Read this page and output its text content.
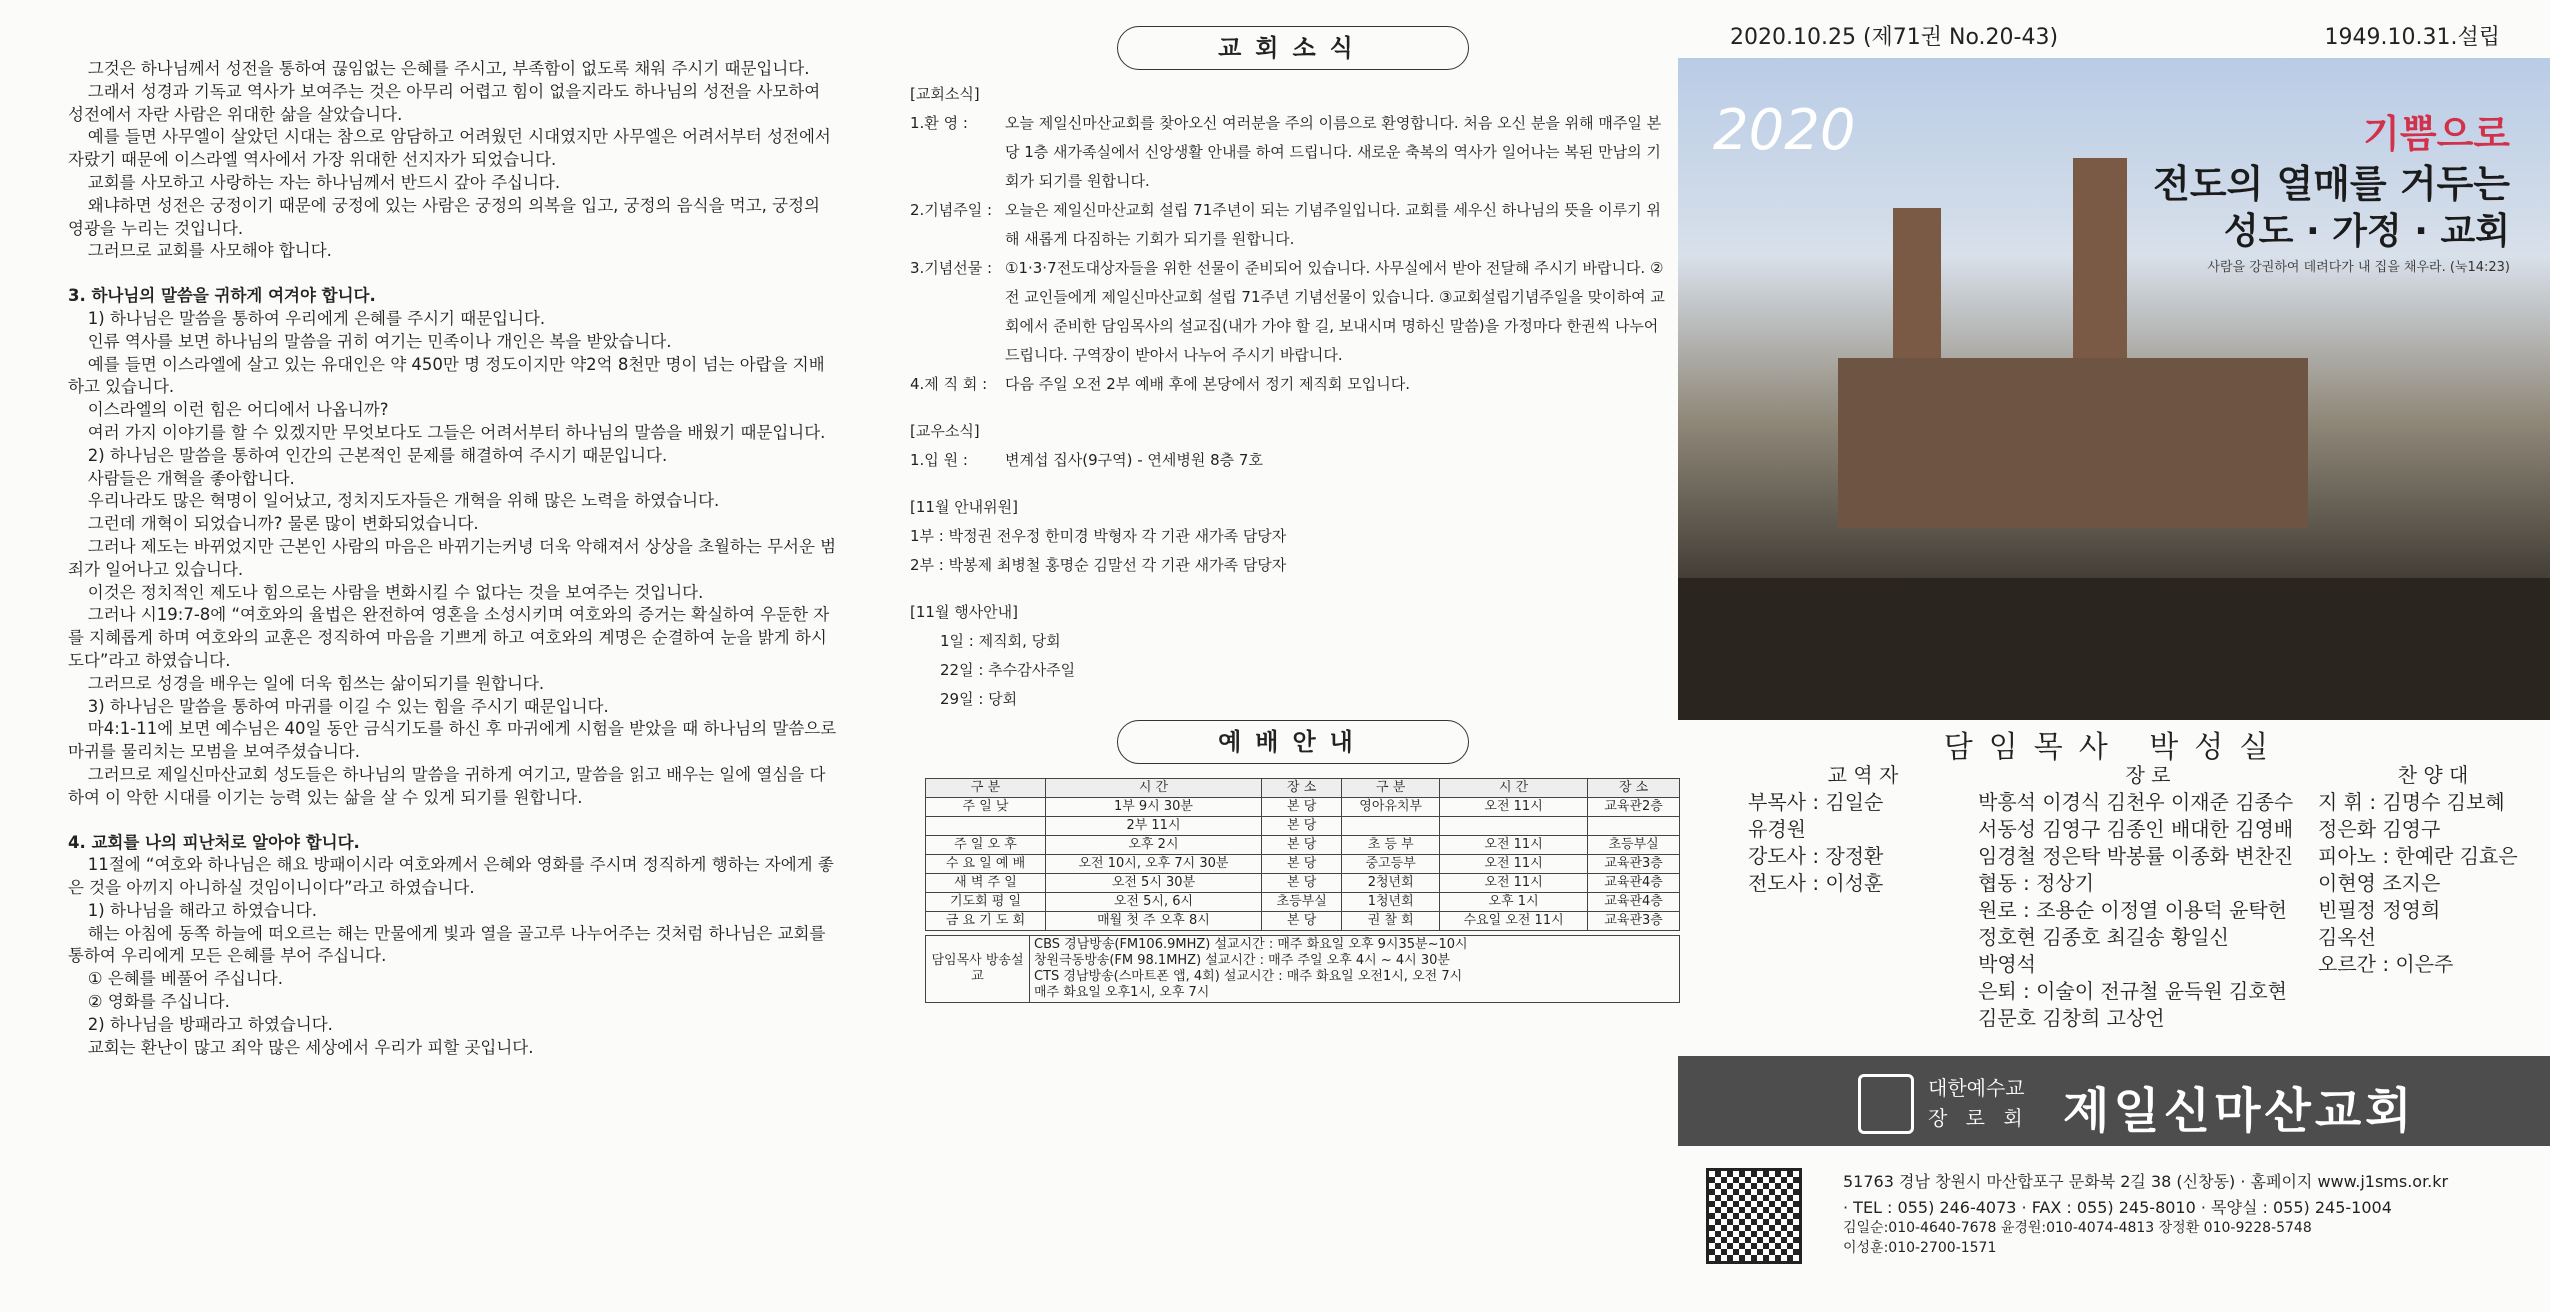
그것은 하나님께서 성전을 통하여 끊임없는 은혜를 주시고, 부족함이 없도록 채워 주시기 때문입니다.

그래서 성경과 기독교 역사가 보여주는 것은 아무리 어렵고 힘이 없을지라도 하나님의 성전을 사모하여 성전에서 자란 사람은 위대한 삶을 살았습니다.

예를 들면 사무엘이 살았던 시대는 참으로 암담하고 어려웠던 시대였지만 사무엘은 어려서부터 성전에서 자랐기 때문에 이스라엘 역사에서 가장 위대한 선지자가 되었습니다.

교회를 사모하고 사랑하는 자는 하나님께서 반드시 갚아 주십니다.

왜냐하면 성전은 궁정이기 때문에 궁정에 있는 사람은 궁정의 의복을 입고, 궁정의 음식을 먹고, 궁정의 영광을 누리는 것입니다.

그러므로 교회를 사모해야 합니다.

3. 하나님의 말씀을 귀하게 여겨야 합니다.

1) 하나님은 말씀을 통하여 우리에게 은혜를 주시기 때문입니다.

인류 역사를 보면 하나님의 말씀을 귀히 여기는 민족이나 개인은 복을 받았습니다.

예를 들면 이스라엘에 살고 있는 유대인은 약 450만 명 정도이지만 약2억 8천만 명이 넘는 아랍을 지배하고 있습니다.

이스라엘의 이런 힘은 어디에서 나옵니까?

여러 가지 이야기를 할 수 있겠지만 무엇보다도 그들은 어려서부터 하나님의 말씀을 배웠기 때문입니다.

2) 하나님은 말씀을 통하여 인간의 근본적인 문제를 해결하여 주시기 때문입니다.

사람들은 개혁을 좋아합니다.

우리나라도 많은 혁명이 일어났고, 정치지도자들은 개혁을 위해 많은 노력을 하였습니다.

그런데 개혁이 되었습니까? 물론 많이 변화되었습니다.

그러나 제도는 바뀌었지만 근본인 사람의 마음은 바뀌기는커녕 더욱 악해져서 상상을 초월하는 무서운 범죄가 일어나고 있습니다.

이것은 정치적인 제도나 힘으로는 사람을 변화시킬 수 없다는 것을 보여주는 것입니다.

그러나 시19:7-8에 “여호와의 율법은 완전하여 영혼을 소성시키며 여호와의 증거는 확실하여 우둔한 자를 지혜롭게 하며 여호와의 교훈은 정직하여 마음을 기쁘게 하고 여호와의 계명은 순결하여 눈을 밝게 하시도다”라고 하였습니다.

그러므로 성경을 배우는 일에 더욱 힘쓰는 삶이되기를 원합니다.

3) 하나님은 말씀을 통하여 마귀를 이길 수 있는 힘을 주시기 때문입니다.

마4:1-11에 보면 예수님은 40일 동안 금식기도를 하신 후 마귀에게 시험을 받았을 때 하나님의 말씀으로 마귀를 물리치는 모범을 보여주셨습니다.

그러므로 제일신마산교회 성도들은 하나님의 말씀을 귀하게 여기고, 말씀을 읽고 배우는 일에 열심을 다하여 이 악한 시대를 이기는 능력 있는 삶을 살 수 있게 되기를 원합니다.

4. 교회를 나의 피난처로 알아야 합니다.

11절에 “여호와 하나님은 해요 방패이시라 여호와께서 은혜와 영화를 주시며 정직하게 행하는 자에게 좋은 것을 아끼지 아니하실 것임이니이다”라고 하였습니다.

1) 하나님을 해라고 하였습니다.

해는 아침에 동쪽 하늘에 떠오르는 해는 만물에게 빛과 열을 골고루 나누어주는 것처럼 하나님은 교회를 통하여 우리에게 모든 은혜를 부어 주십니다.

① 은혜를 베풀어 주십니다.

② 영화를 주십니다.

2) 하나님을 방패라고 하였습니다.

교회는 환난이 많고 죄악 많은 세상에서 우리가 피할 곳입니다.

교회소식
[교회소식]
1.환 영 :	오늘 제일신마산교회를 찾아오신 여러분을 주의 이름으로 환영합니다. 처음 오신 분을 위해 매주일 본당 1층 새가족실에서 신앙생활 안내를 하여 드립니다. 새로운 축복의 역사가 일어나는 복된 만남의 기회가 되기를 원합니다.
2.기념주일 : 오늘은 제일신마산교회 설립 71주년이 되는 기념주일입니다. 교회를 세우신 하나님의 뜻을 이루기 위해 새롭게 다짐하는 기회가 되기를 원합니다.
3.기념선물 : ①1·3·7전도대상자들을 위한 선물이 준비되어 있습니다. 사무실에서 받아 전달해 주시기 바랍니다. ②전 교인들에게 제일신마산교회 설립 71주년 기념선물이 있습니다. ③교회설립기념주일을 맞이하여 교회에서 준비한 담임목사의 설교집(내가 가야 할 길, 보내시며 명하신 말씀)을 가정마다 한권씩 나누어 드립니다. 구역장이 받아서 나누어 주시기 바랍니다.
4.제 직 회 :	다음 주일 오전 2부 예배 후에 본당에서 정기 제직회 모입니다.
[교우소식]
1.입 원 :	변계섭 집사(9구역) - 연세병원 8층 7호
[11월 안내위원]
1부 : 박정권 전우정 한미경 박형자 각 기관 새가족 담당자
2부 : 박봉제 최병철 홍명순 김말선 각 기관 새가족 담당자
[11월 행사안내]
1일 : 제직회, 당회
22일 : 추수감사주일
29일 : 당회
예배안내
구 분	시 간	장 소	구 분	시 간	장 소
주 일 낮	1부 9시 30분	본 당	영아유치부	오전 11시	교육관2층
	2부 11시	본 당			
주 일 오 후	오후 2시	본 당	초 등 부	오전 11시	초등부실
수 요 일 예 배	오전 10시, 오후 7시 30분	본 당	중고등부	오전 11시	교육관3층
새 벽 주 일	오전 5시 30분	본 당	2청년회	오전 11시	교육관4층
기도회 평 일	오전 5시, 6시	초등부실	1청년회	오후 1시	교육관4층
금 요 기 도 회	매월 첫 주 오후 8시	본 당	권 찰 회	수요일 오전 11시	교육관3층
담임목사 방송설교	
CBS 경남방송(FM106.9MHZ) 설교시간 : 매주 화요일 오후 9시35분~10시
창원극동방송(FM 98.1MHZ) 설교시간 : 매주 주일 오후 4시 ~ 4시 30분
CTS 경남방송(스마트폰 앱, 4회) 설교시간 : 매주 화요일 오전1시, 오전 7시
매주 화요일 오후1시, 오후 7시
2020.10.25 (제71권 No.20-43)	1949.10.31.설립
2020	기쁨으로
전도의 열매를 거두는
성도 · 가정 · 교회
사람을 강권하여 데려다가 내 집을 채우라. (눅14:23)
담임목사 박성실
교 역 자
부목사 : 김일순
유경원
강도사 : 장정환
전도사 : 이성훈
장 로
박흥석 이경식 김천우 이재준 김종수
서동성 김영구 김종인 배대한 김영배
임경철 정은탁 박봉률 이종화 변찬진
협동 : 정상기
원로 : 조용순 이정열 이용덕 윤탁헌
정호현 김종호 최길송 황일신
박영석
은퇴 : 이술이 전규철 윤득원 김호현
김문호 김창희 고상언
찬 양 대
지 휘 : 김명수 김보혜
정은화 김영구
피아노 : 한예란 김효은
이현영 조지은
빈필정 정영희
김옥선
오르간 : 이은주
대한예수교
장 로 회 제일신마산교회
51763 경남 창원시 마산합포구 문화북 2길 38 (신창동) · 홈페이지 www.j1sms.or.kr
· TEL : 055) 246-4073 · FAX : 055) 245-8010 · 목양실 : 055) 245-1004
김일순:010-4640-7678 윤경원:010-4074-4813 장정환 010-9228-5748
이성훈:010-2700-1571
